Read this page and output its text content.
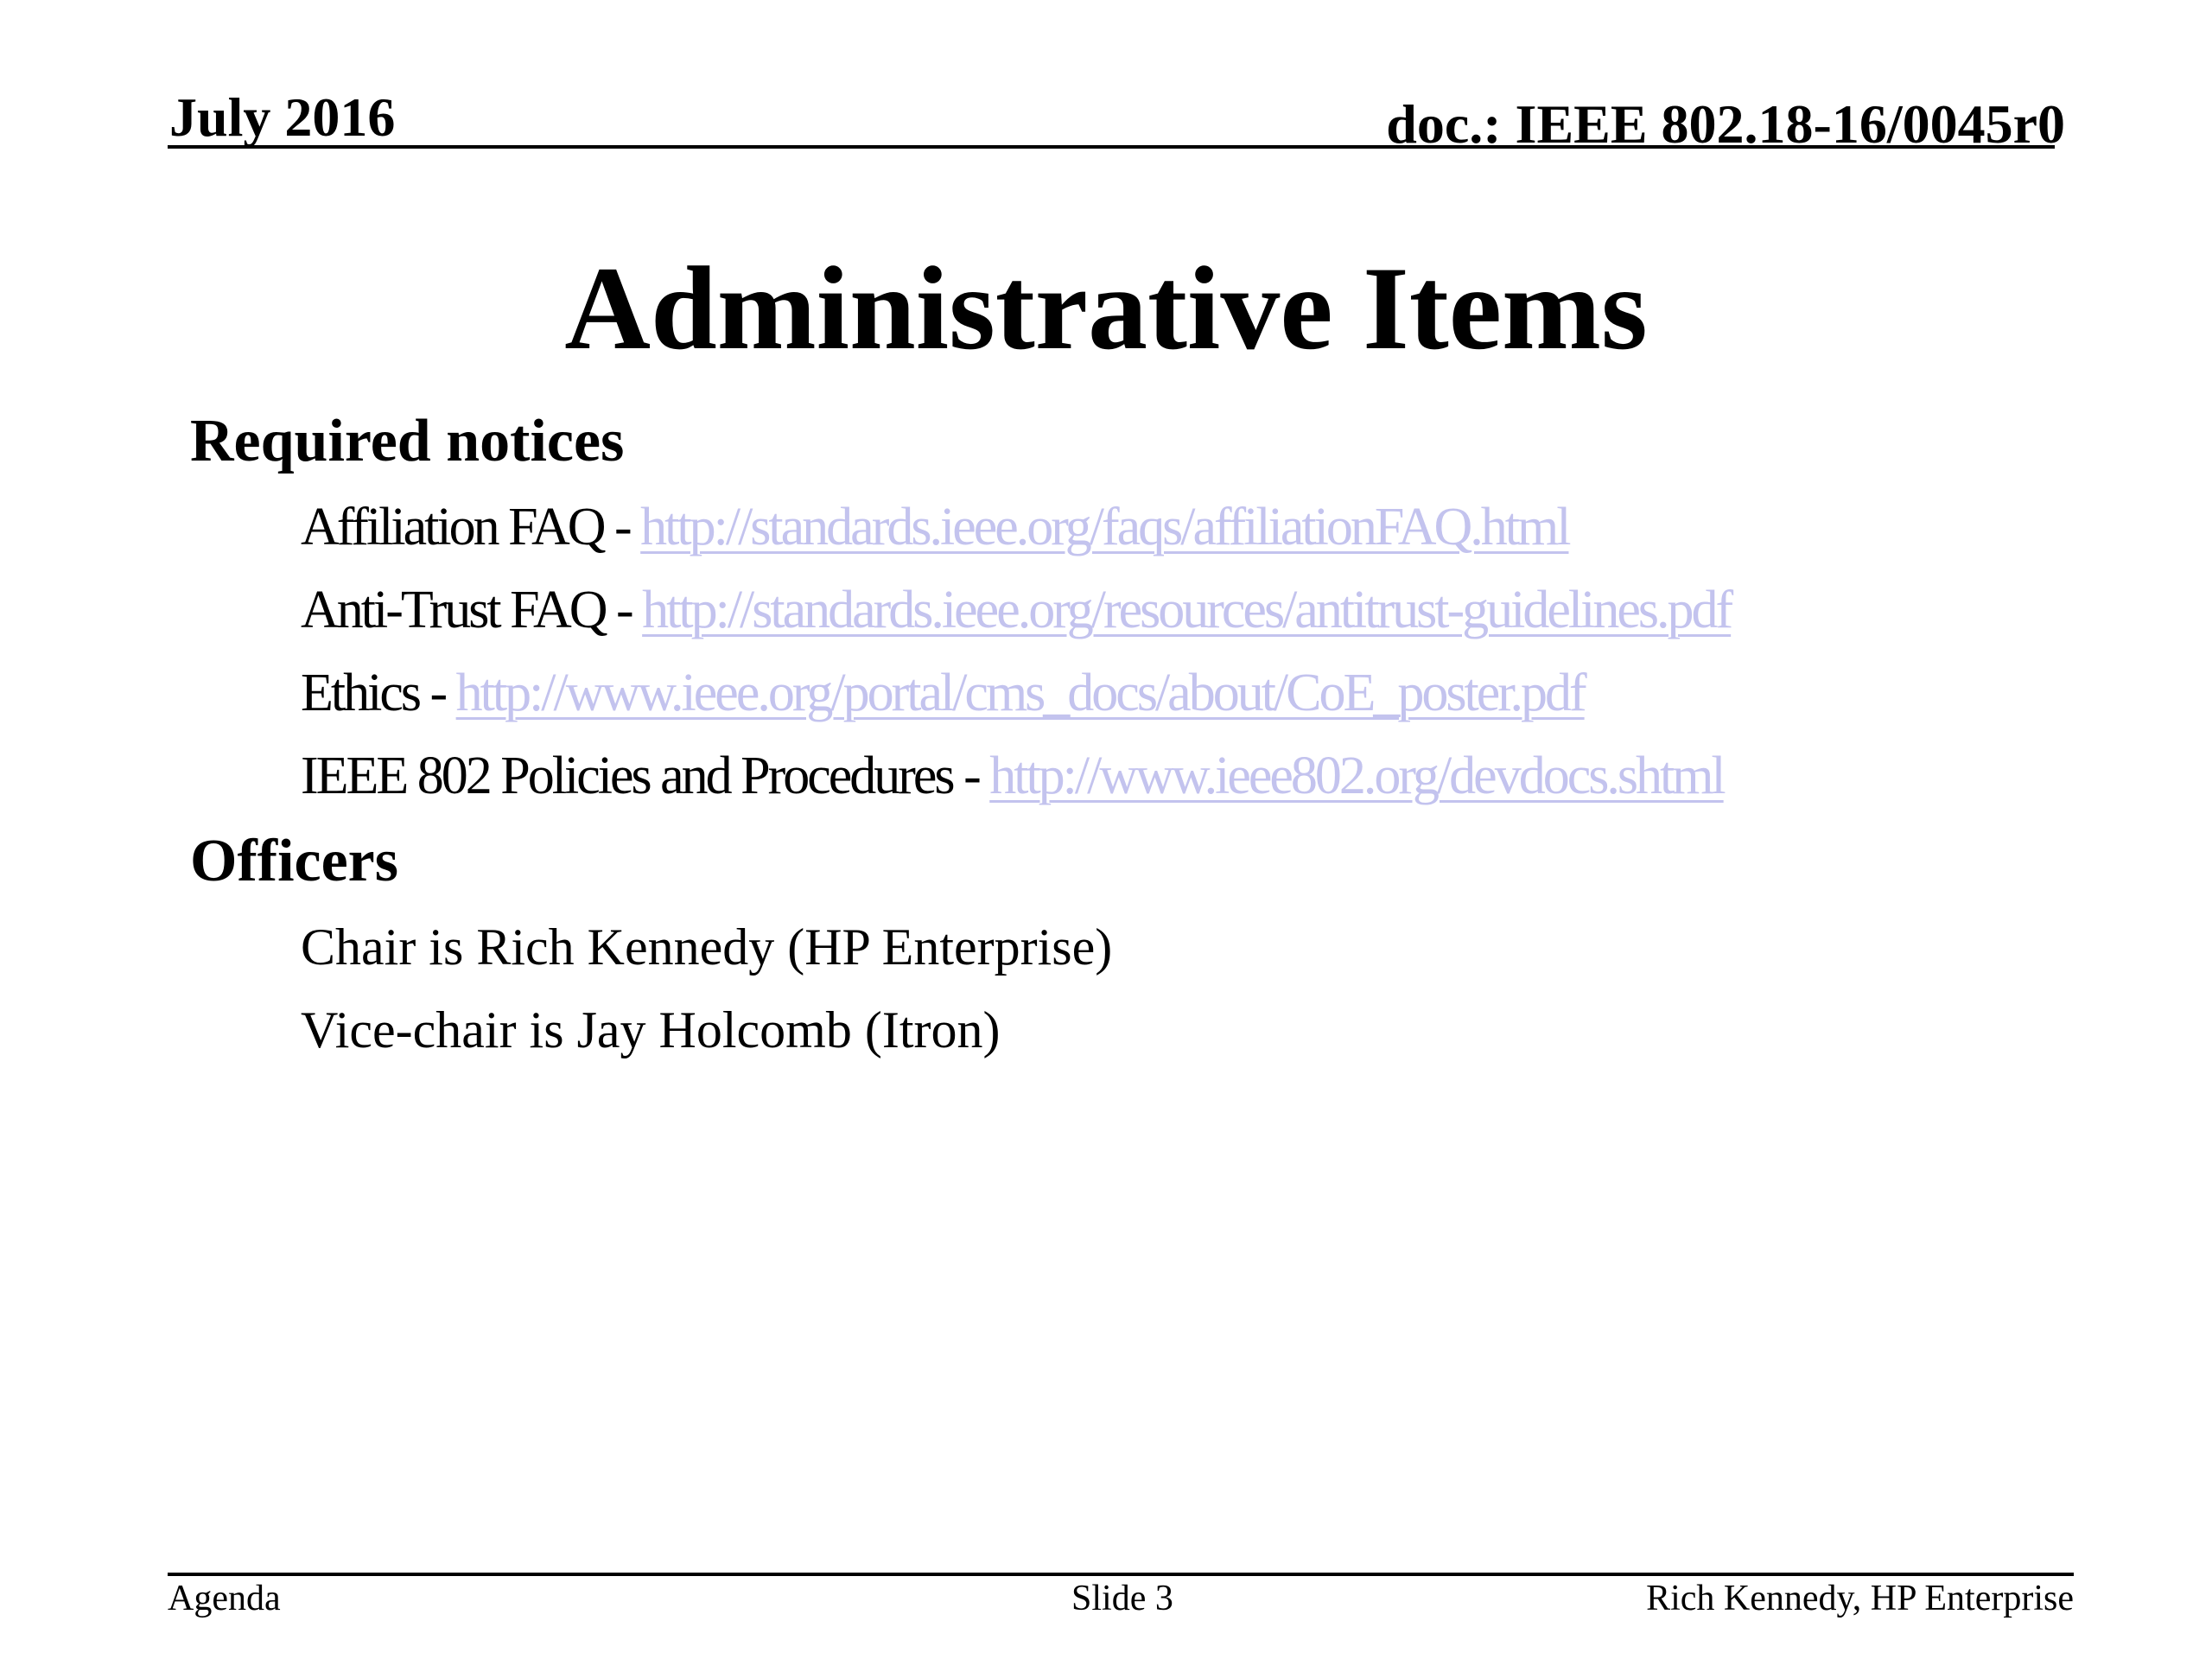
July 2016	doc.: IEEE 802.18-16/0045r0
Administrative Items
Required notices
Affiliation FAQ - http://standards.ieee.org/faqs/affiliationFAQ.html
Anti-Trust FAQ - http://standards.ieee.org/resources/antitrust-guidelines.pdf
Ethics - http://www.ieee.org/portal/cms_docs/about/CoE_poster.pdf
IEEE 802 Policies and Procedures - http://www.ieee802.org/devdocs.shtml
Officers
Chair is Rich Kennedy (HP Enterprise)
Vice-chair is Jay Holcomb (Itron)
Agenda	Slide 3	Rich Kennedy, HP Enterprise
